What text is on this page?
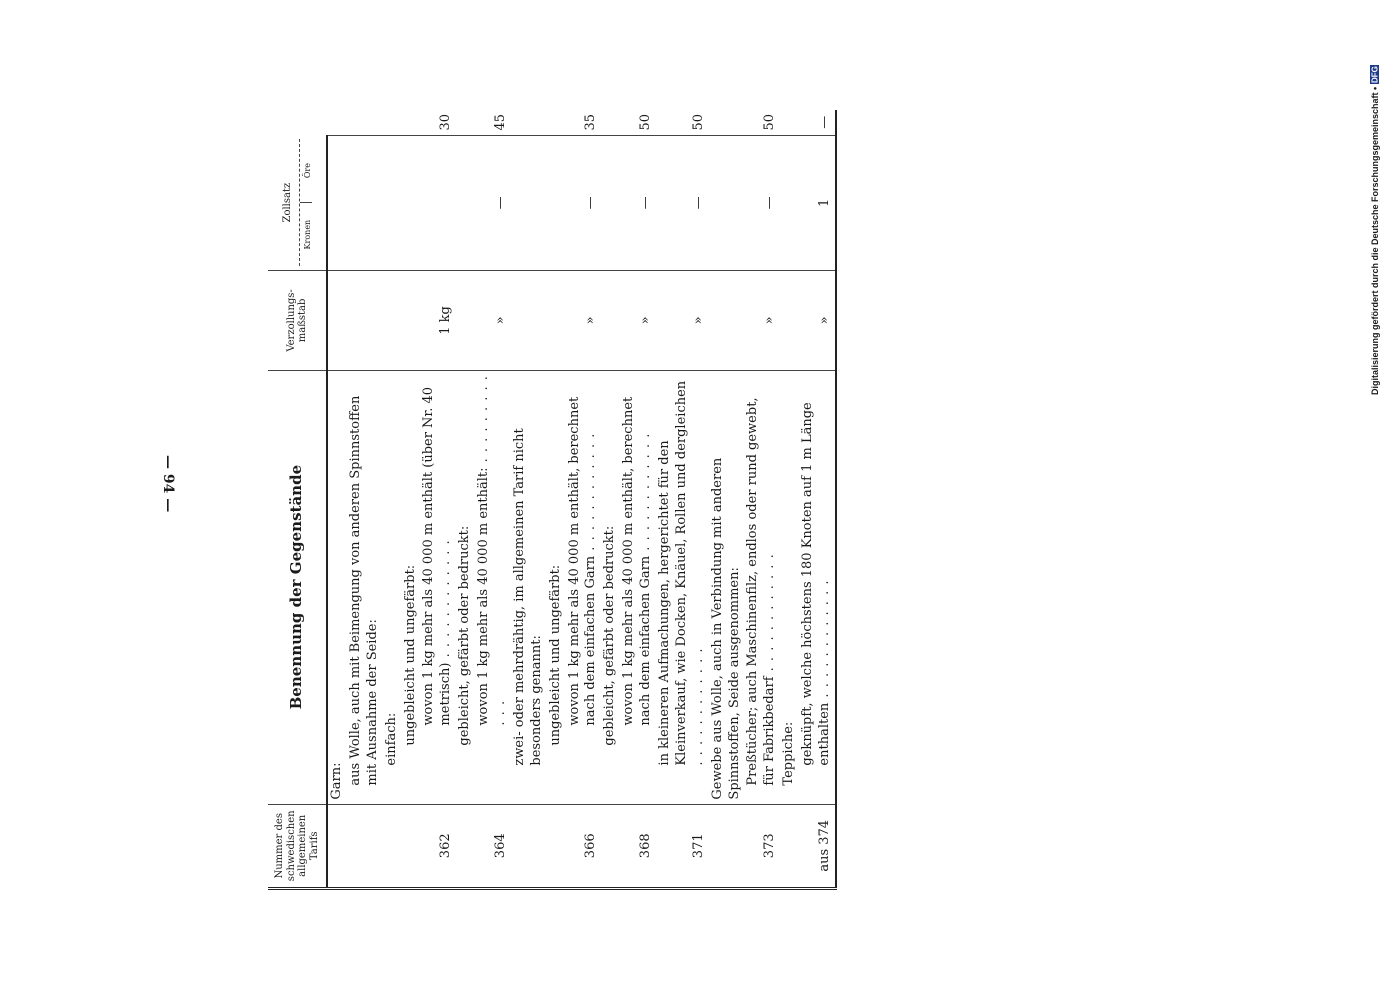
Digitalisierung gefördert durch die Deutsche Forschungsgemeinschaft •
DFG
— 94 —
Nummer des schwedischen allgemeinen Tarifs	Benennung der Gegenstände	Verzollungs-maßstab	Zollsatz
Kronen
Öre	

	Garn:			
	aus Wolle, auch mit Beimengung von anderen Spinnstoffen mit Ausnahme der Seide:			
	einfach:			
	ungebleicht und ungefärbt:			
362	wovon 1 kg mehr als 40 000 m enthält (über Nr. 40 metrisch) . . .	1 kg		30
	gebleicht, gefärbt oder bedruckt:			
364	wovon 1 kg mehr als 40 000 m enthält: . . .	»	—	45
	zwei- oder mehrdrähtig, im allgemeinen Tarif nicht besonders genannt:			
	ungebleicht und ungefärbt:			
366	wovon 1 kg mehr als 40 000 m enthält, berechnet nach dem einfachen Garn . . .	»	—	35
	gebleicht, gefärbt oder bedruckt:			
368	wovon 1 kg mehr als 40 000 m enthält, berechnet nach dem einfachen Garn . . .	»	—	50
371	in kleineren Aufmachungen, hergerichtet für den Kleinverkauf, wie Docken, Knäuel, Rollen und dergleichen . . .	»	—	50
	Gewebe aus Wolle, auch in Verbindung mit anderen Spinnstoffen, Seide ausgenommen:			
373	Preßtücher; auch Maschinenfilz, endlos oder rund gewebt, für Fabrikbedarf . . .	»	—	50
	Teppiche:			
aus 374	geknüpft, welche höchstens 180 Knoten auf 1 m Länge enthalten . . .	»	1	—
